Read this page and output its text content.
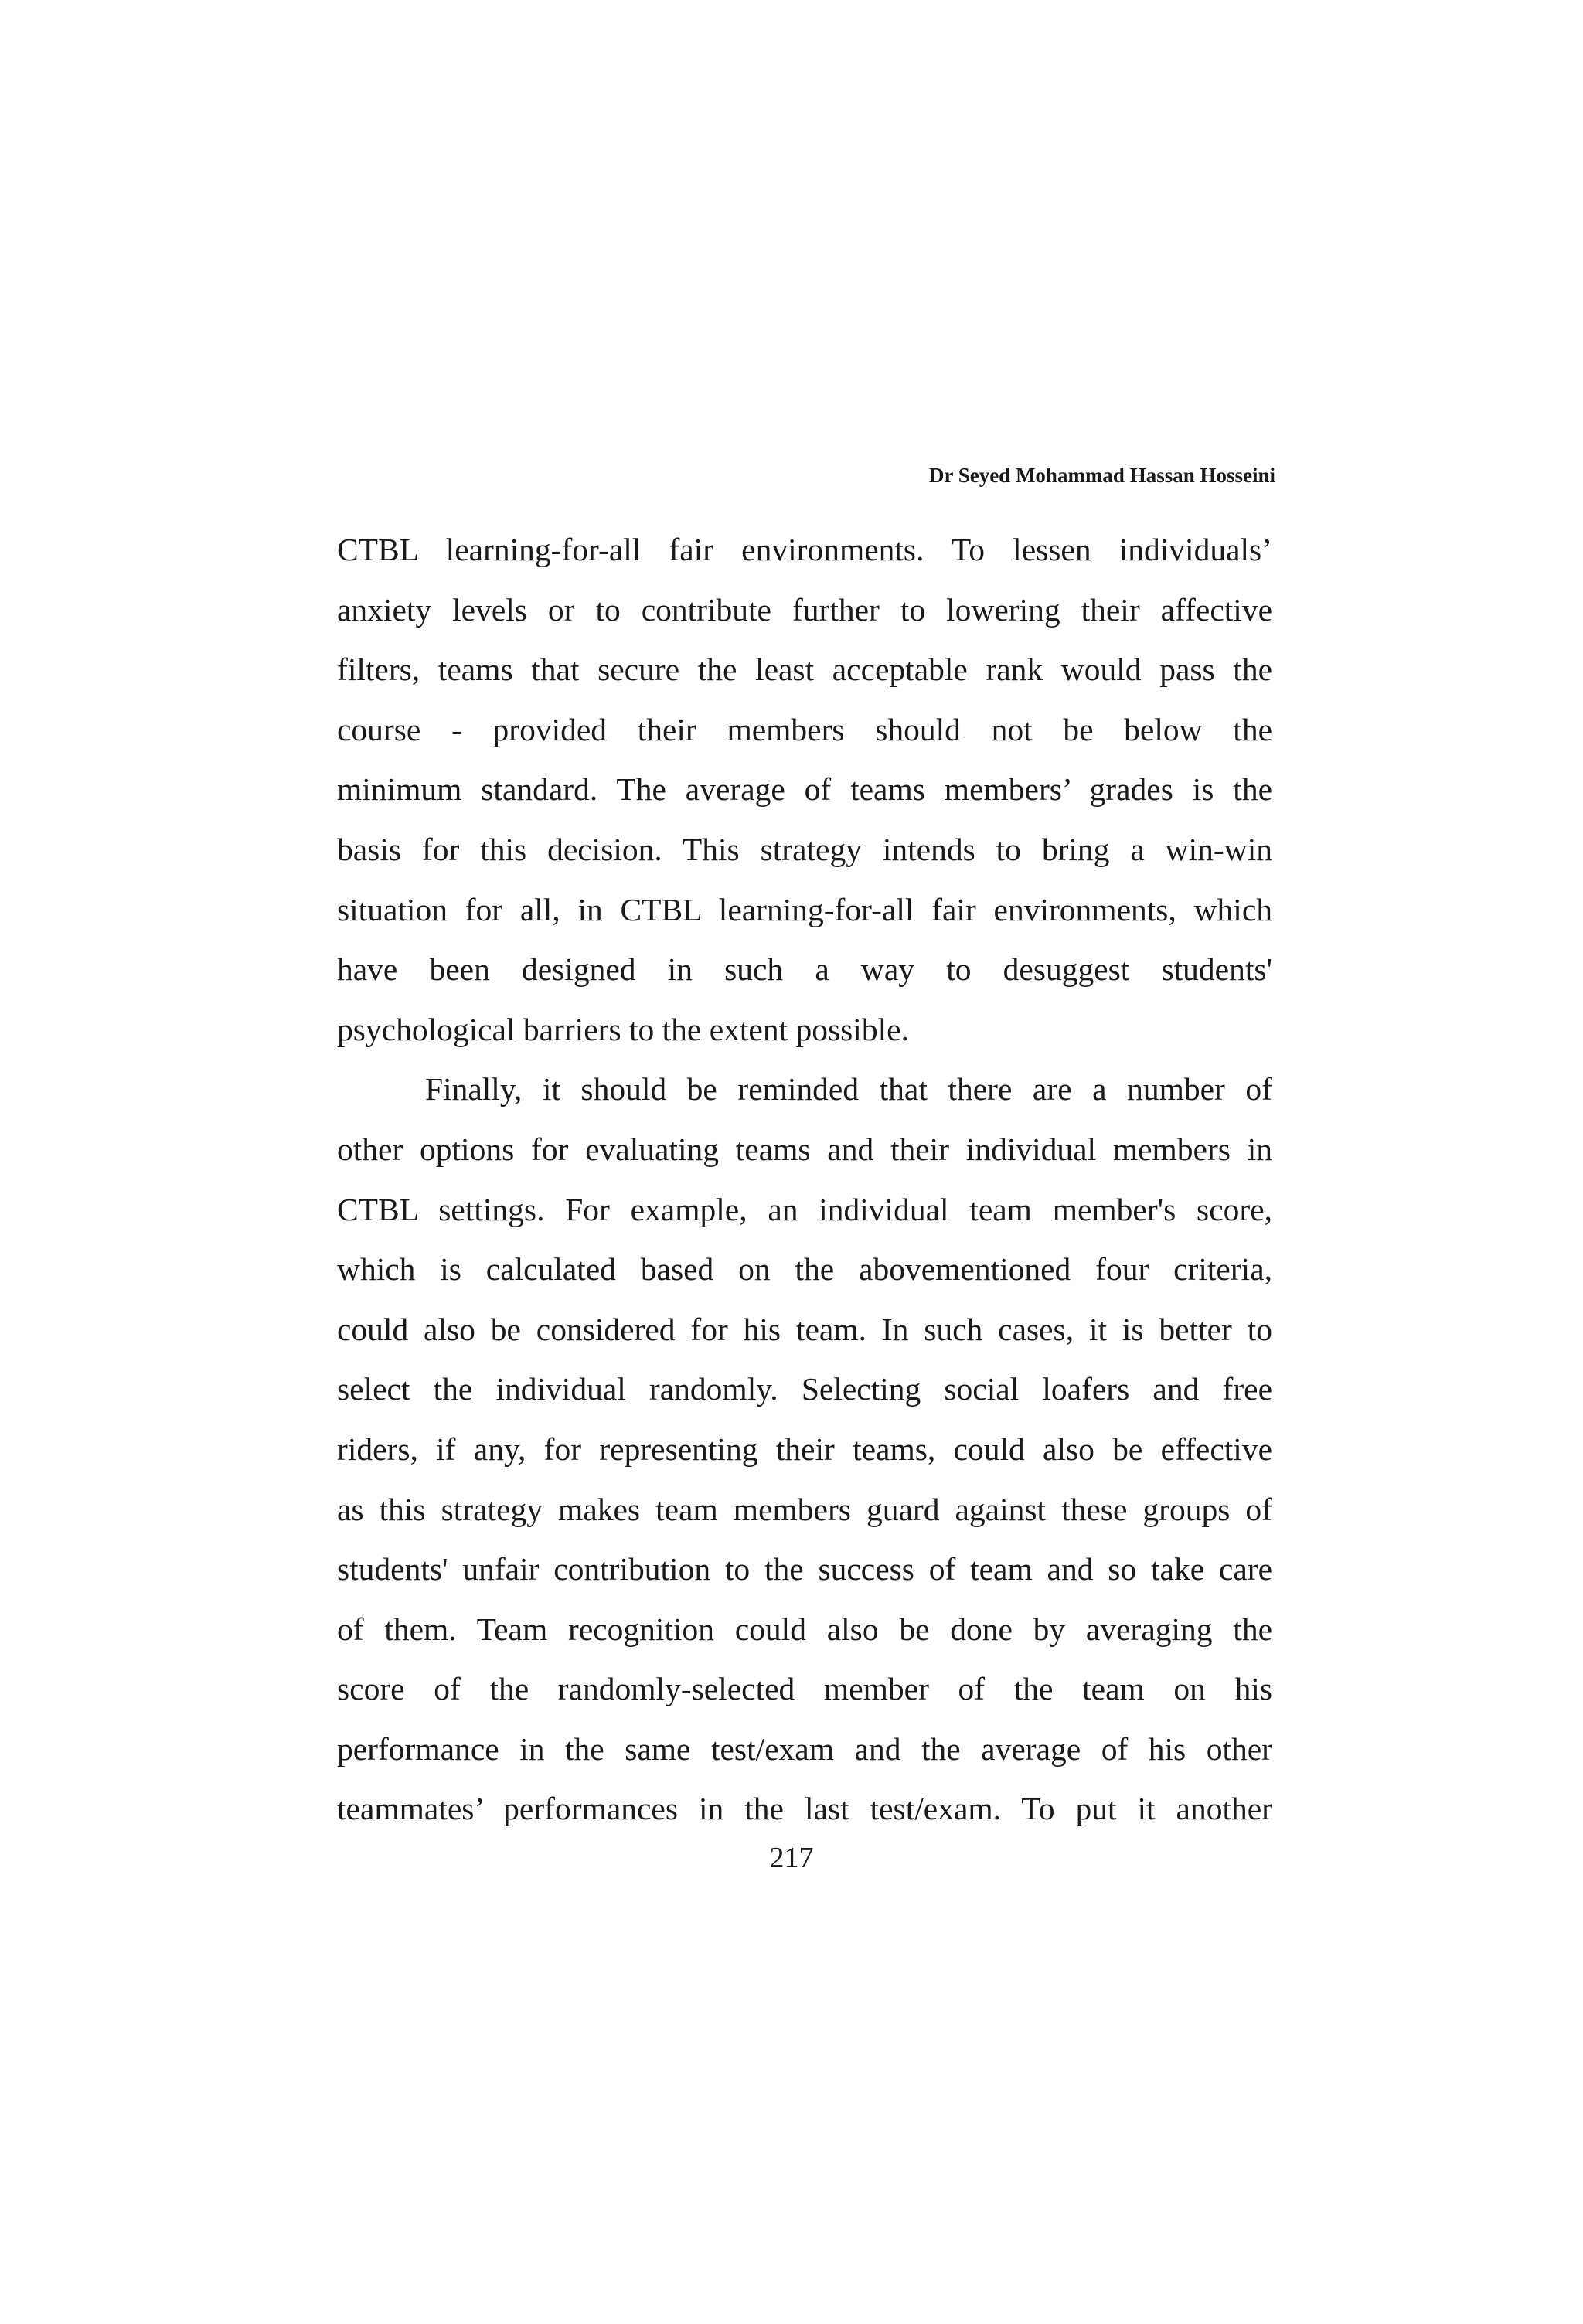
Dr Seyed Mohammad Hassan Hosseini
CTBL learning-for-all fair environments. To lessen individuals’
anxiety levels or to contribute further to lowering their affective
filters, teams that secure the least acceptable rank would pass the
course - provided their members should not be below the
minimum standard. The average of teams members’ grades is the
basis for this decision. This strategy intends to bring a win-win
situation for all, in CTBL learning-for-all fair environments, which
have been designed in such a way to desuggest students'
psychological barriers to the extent possible.
Finally, it should be reminded that there are a number of
other options for evaluating teams and their individual members in
CTBL settings. For example, an individual team member's score,
which is calculated based on the abovementioned four criteria,
could also be considered for his team. In such cases, it is better to
select the individual randomly. Selecting social loafers and free
riders, if any, for representing their teams, could also be effective
as this strategy makes team members guard against these groups of
students' unfair contribution to the success of team and so take care
of them. Team recognition could also be done by averaging the
score of the randomly-selected member of the team on his
performance in the same test/exam and the average of his other
teammates’ performances in the last test/exam. To put it another
217
